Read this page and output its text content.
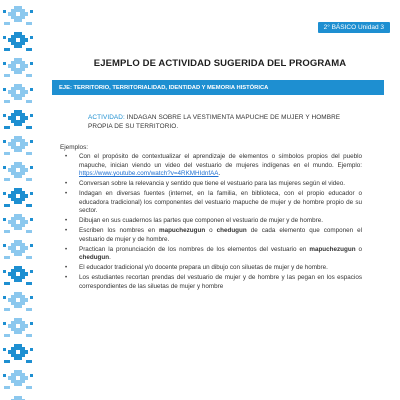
2° BÁSICO Unidad 3
EJEMPLO DE ACTIVIDAD SUGERIDA DEL PROGRAMA
EJE: TERRITORIO, TERRITORIALIDAD, IDENTIDAD Y MEMORIA HISTÓRICA
ACTIVIDAD: INDAGAN SOBRE LA VESTIMENTA MAPUCHE DE MUJER Y HOMBRE PROPIA DE SU TERRITORIO.
Ejemplos:
• Con el propósito de contextualizar el aprendizaje de elementos o símbolos propios del pueblo mapuche, inician viendo un video del vestuario de mujeres indígenas en el mundo. Ejemplo: https://www.youtube.com/watch?v=4RKMHIdnfAA.
• Conversan sobre la relevancia y sentido que tiene el vestuario para las mujeres según el video.
• Indagan en diversas fuentes (internet, en la familia, en biblioteca, con el propio educador o educadora tradicional) los componentes del vestuario mapuche de mujer y de hombre propio de su sector.
• Dibujan en sus cuadernos las partes que componen el vestuario de mujer y de hombre.
• Escriben los nombres en mapuchezugun o chedugun de cada elemento que componen el vestuario de mujer y de hombre.
• Practican la pronunciación de los nombres de los elementos del vestuario en mapuchezugun o chedugun.
• El educador tradicional y/o docente prepara un dibujo con siluetas de mujer y de hombre.
• Los estudiantes recortan prendas del vestuario de mujer y de hombre y las pegan en los espacios correspondientes de las siluetas de mujer y hombre
